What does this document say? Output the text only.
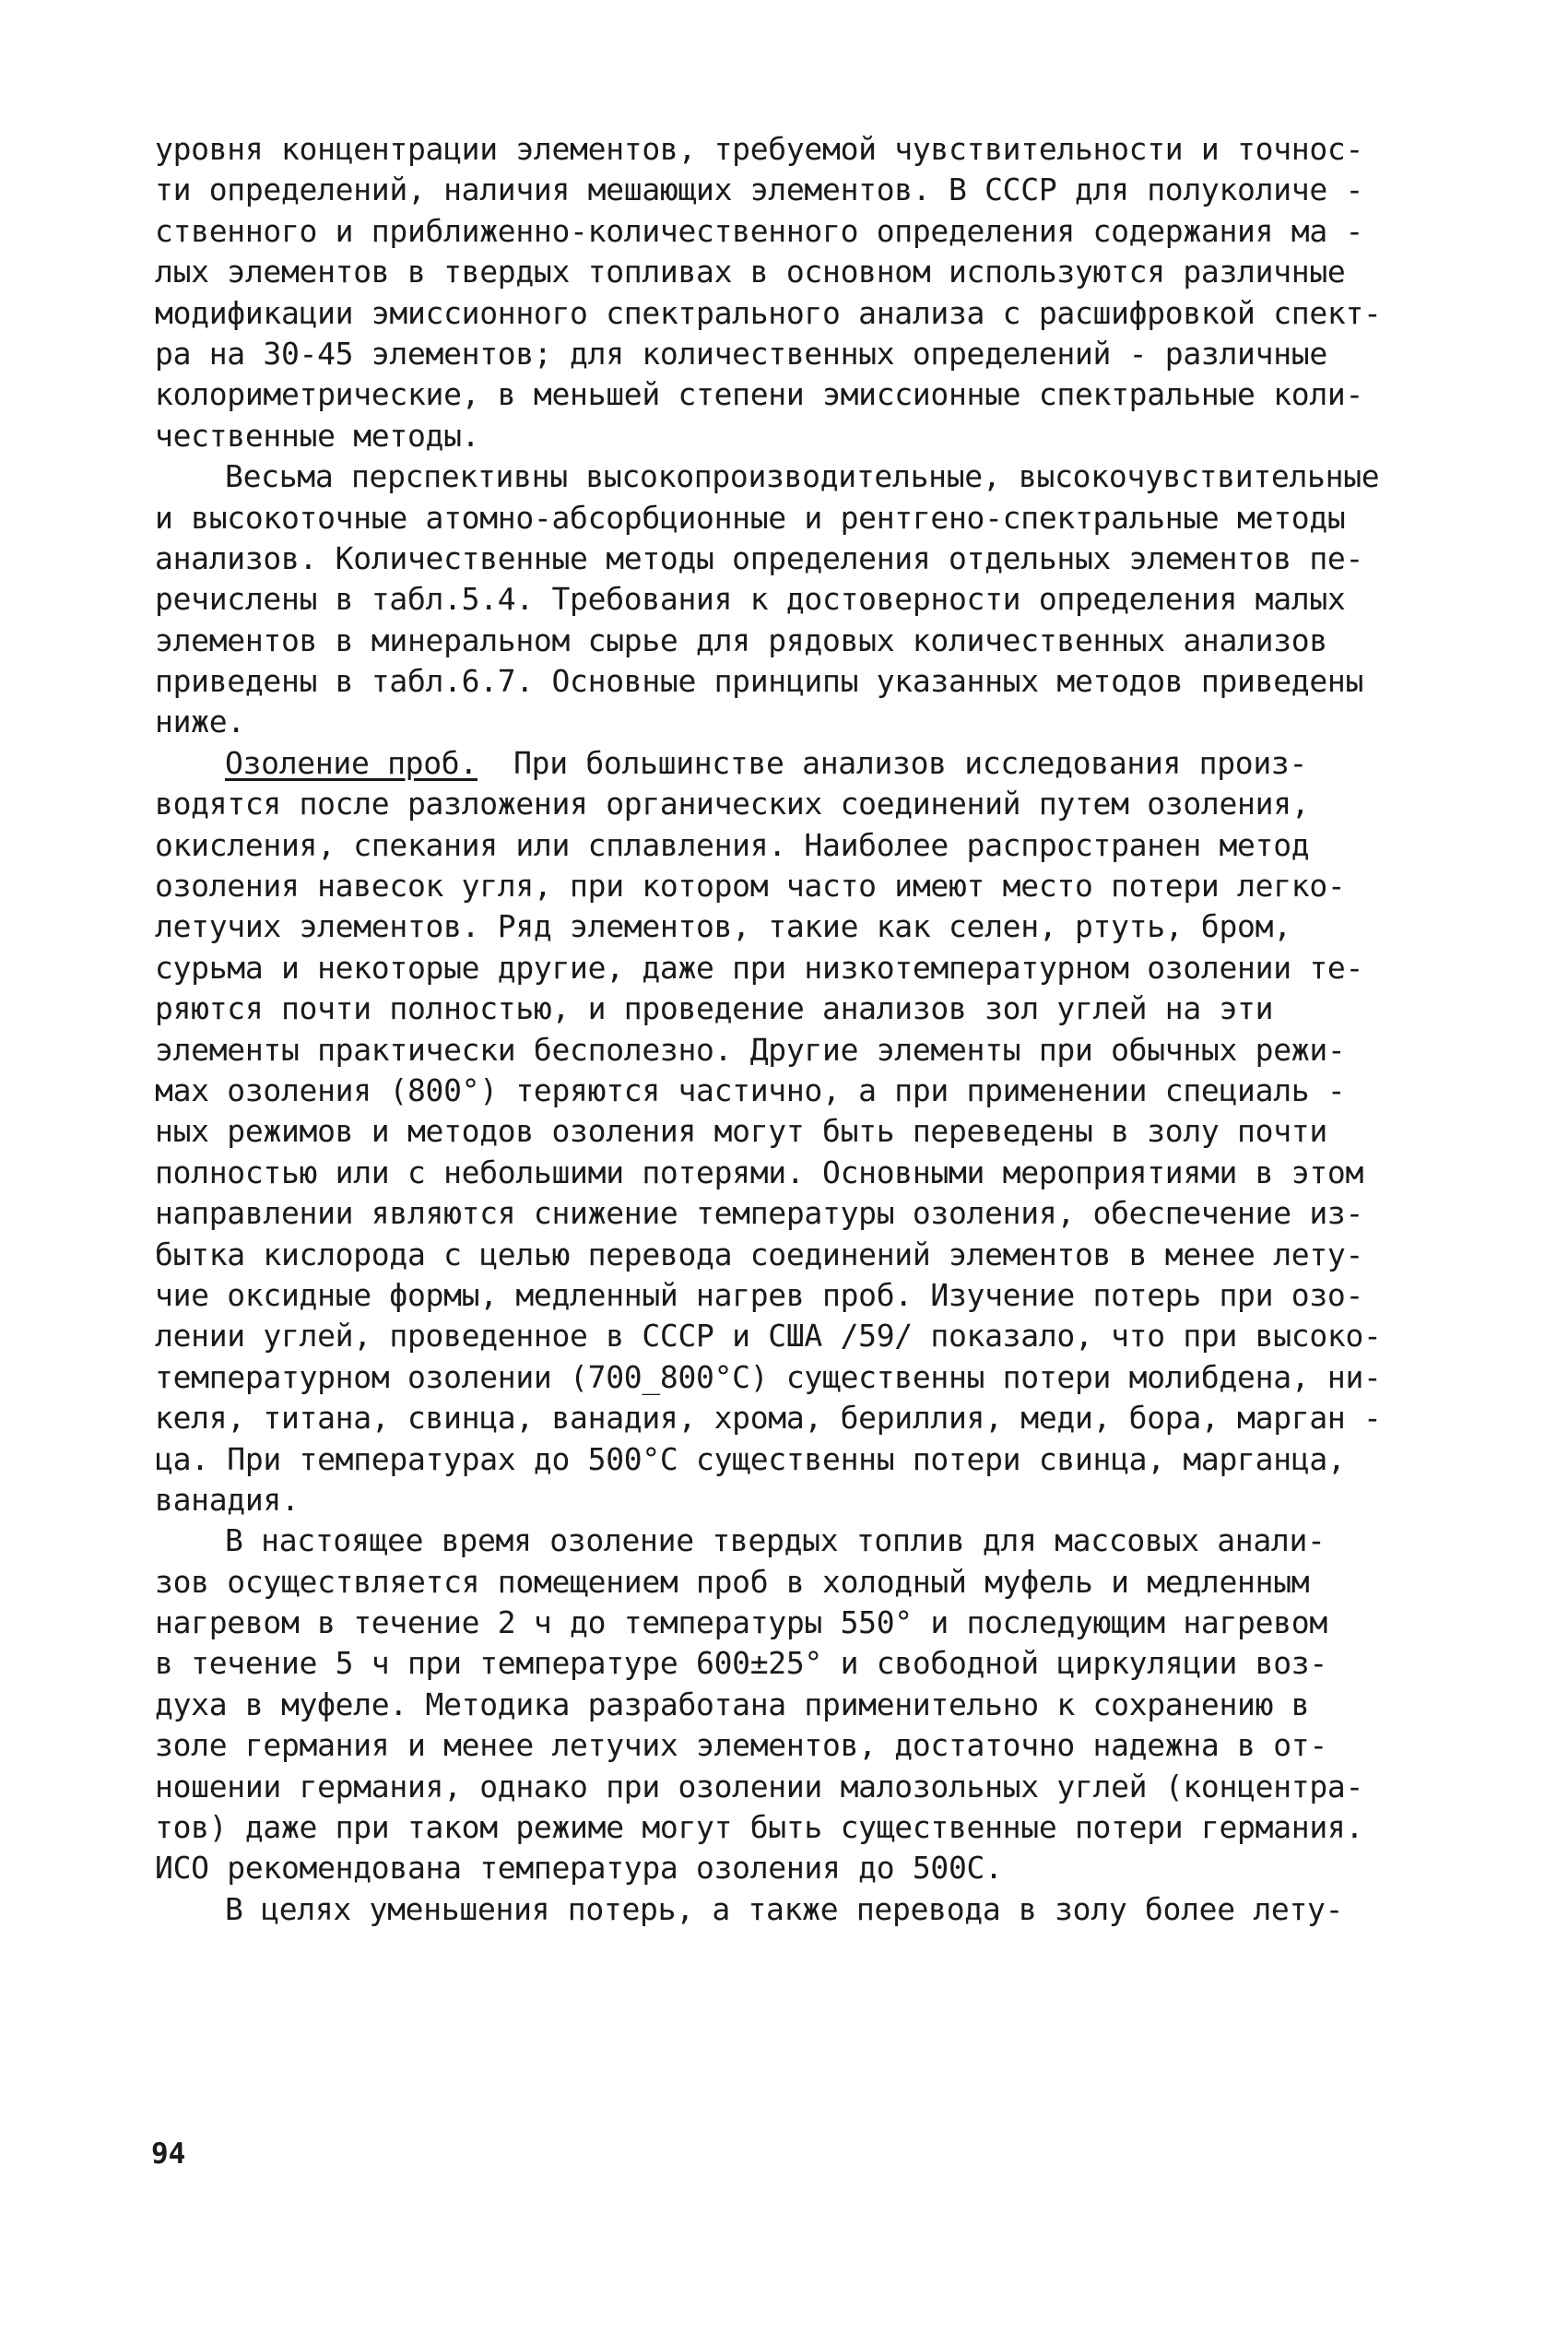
уровня концентрации элементов, требуемой чувствительности и точнос-
ти определений, наличия мешающих элементов. В СССР для полуколиче -
ственного и приближенно-количественного определения содержания ма -
лых элементов в твердых топливах в основном используются различные
модификации эмиссионного спектрального анализа с расшифровкой спект-
ра на 30-45 элементов; для количественных определений - различные
колориметрические, в меньшей степени эмиссионные спектральные коли-
чественные методы.
Весьма перспективны высокопроизводительные, высокочувствительные
и высокоточные атомно-абсорбционные и рентгено-спектральные методы
анализов. Количественные методы определения отдельных элементов пе-
речислены в табл.5.4. Требования к достоверности определения малых
элементов в минеральном сырье для рядовых количественных анализов
приведены в табл.6.7. Основные принципы указанных методов приведены
ниже.
Озоление проб. При большинстве анализов исследования произ-
водятся после разложения органических соединений путем озоления,
окисления, спекания или сплавления. Наиболее распространен метод
озоления навесок угля, при котором часто имеют место потери легко-
летучих элементов. Ряд элементов, такие как селен, ртуть, бром,
сурьма и некоторые другие, даже при низкотемпературном озолении те-
ряются почти полностью, и проведение анализов зол углей на эти
элементы практически бесполезно. Другие элементы при обычных режи-
мах озоления (800°) теряются частично, а при применении специаль -
ных режимов и методов озоления могут быть переведены в золу почти
полностью или с небольшими потерями. Основными мероприятиями в этом
направлении являются снижение температуры озоления, обеспечение из-
бытка кислорода с целью перевода соединений элементов в менее лету-
чие оксидные формы, медленный нагрев проб. Изучение потерь при озо-
лении углей, проведенное в СССР и США /59/ показало, что при высоко-
температурном озолении (700_800°С) существенны потери молибдена, ни-
келя, титана, свинца, ванадия, хрома, бериллия, меди, бора, марган -
ца. При температурах до 500°С существенны потери свинца, марганца,
ванадия.
В настоящее время озоление твердых топлив для массовых анали-
зов осуществляется помещением проб в холодный муфель и медленным
нагревом в течение 2 ч до температуры 550° и последующим нагревом
в течение 5 ч при температуре 600±25° и свободной циркуляции воз-
духа в муфеле. Методика разработана применительно к сохранению в
золе германия и менее летучих элементов, достаточно надежна в от-
ношении германия, однако при озолении малозольных углей (концентра-
тов) даже при таком режиме могут быть существенные потери германия.
ИСО рекомендована температура озоления до 500С.
В целях уменьшения потерь, а также перевода в золу более лету-
94
